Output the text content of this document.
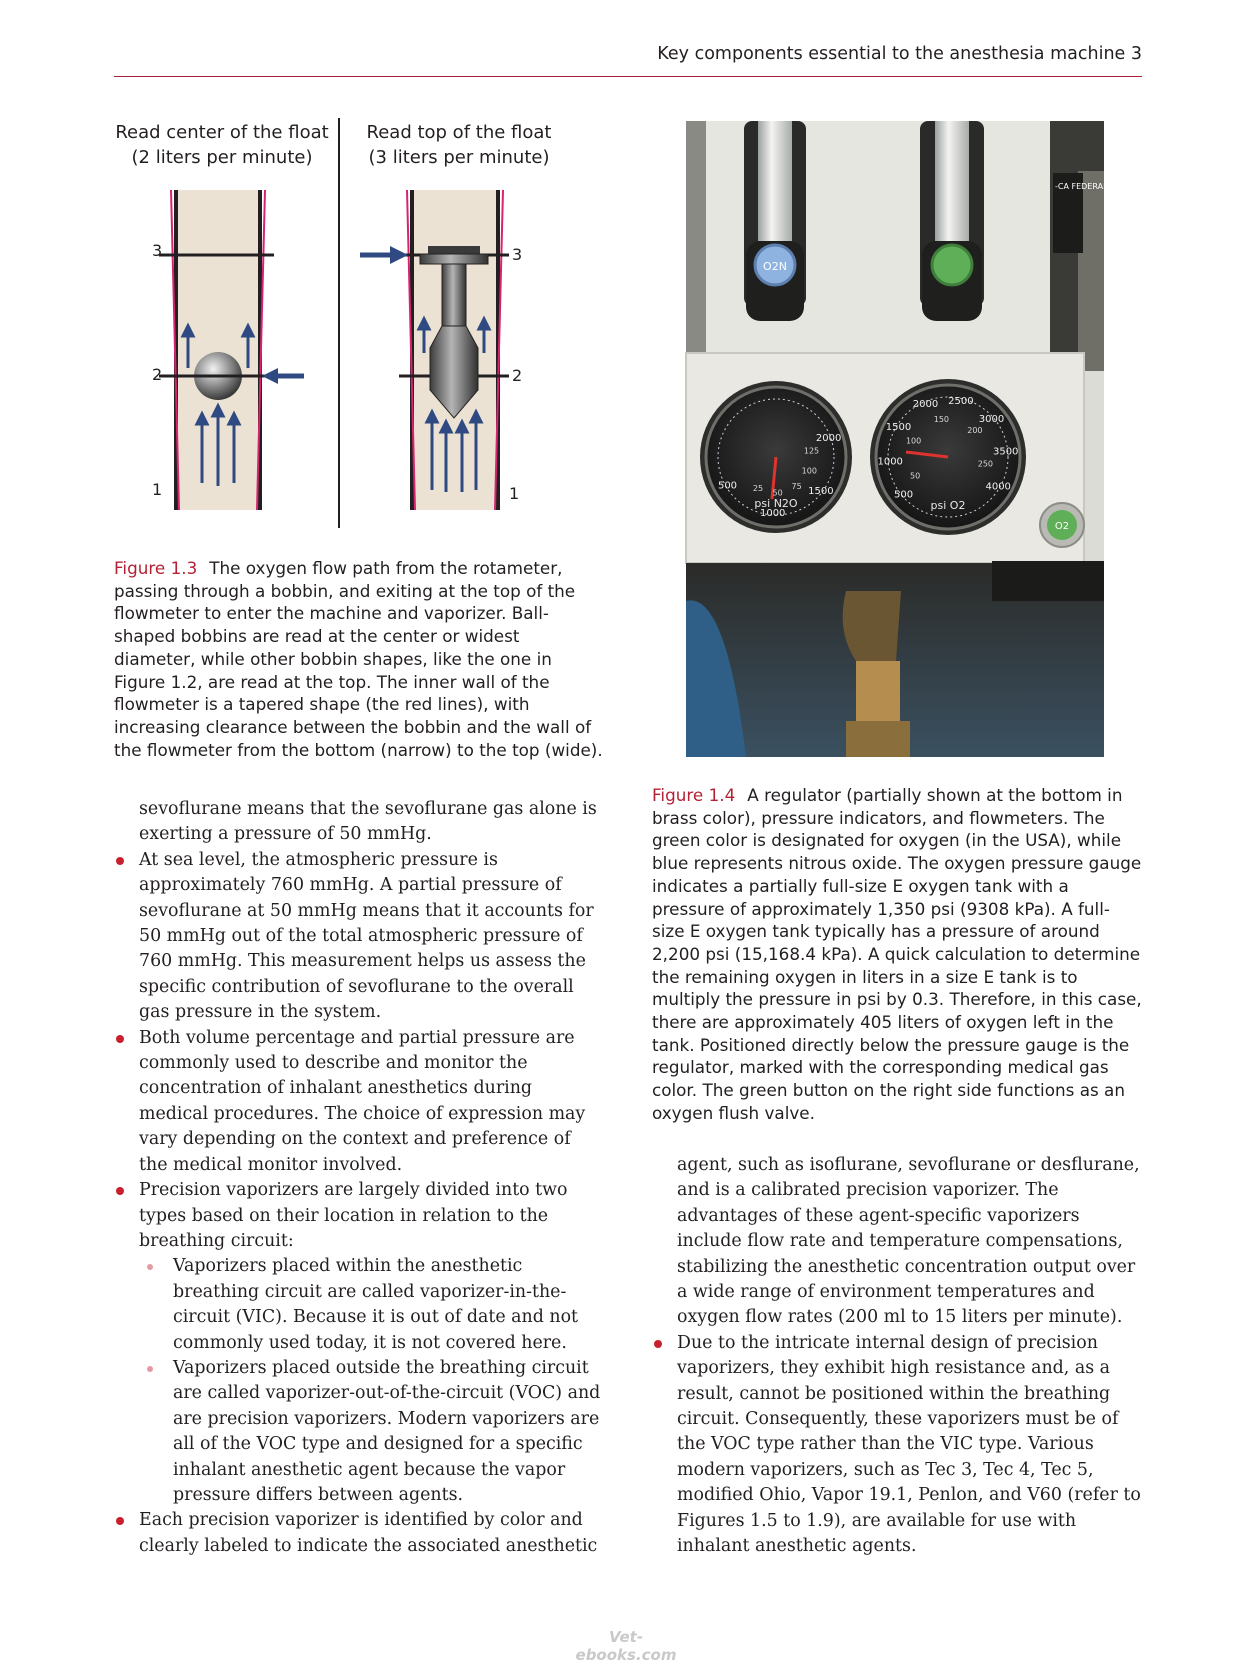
Key components essential to the anesthesia machine 3
Read center of the float
(2 liters per minute)
Read top of the float
(3 liters per minute)
3
2
1
3
2
1
Figure 1.3 The oxygen flow path from the rotameter, passing through a bobbin, and exiting at the top of the flowmeter to enter the machine and vaporizer. Ball-shaped bobbins are read at the center or widest diameter, while other bobbin shapes, like the one in Figure 1.2, are read at the top. The inner wall of the flowmeter is a tapered shape (the red lines), with increasing clearance between the bobbin and the wall of the flowmeter from the bottom (narrow) to the top (wide).
O2N
-CA FEDERAL THIS DEV OR ON TH PHYSICIA
500
1000
1500
2000
25
50
75
100
125
psi N2O
500
1000
1500
2000 2500
3000
3500
4000
50
100
150
200
250
psi O2
O2
Figure 1.4 A regulator (partially shown at the bottom in brass color), pressure indicators, and flowmeters. The green color is designated for oxygen (in the USA), while blue represents nitrous oxide. The oxygen pressure gauge indicates a partially full-size E oxygen tank with a pressure of approximately 1,350 psi (9308 kPa). A full-size E oxygen tank typically has a pressure of around 2,200 psi (15,168.4 kPa). A quick calculation to determine the remaining oxygen in liters in a size E tank is to multiply the pressure in psi by 0.3. Therefore, in this case, there are approximately 405 liters of oxygen left in the tank. Positioned directly below the pressure gauge is the regulator, marked with the corresponding medical gas color. The green button on the right side functions as an oxygen flush valve.

sevoflurane means that the sevoflurane gas alone is exerting a pressure of 50 mmHg.

At sea level, the atmospheric pressure is approximately 760 mmHg. A partial pressure of sevoflurane at 50 mmHg means that it accounts for 50 mmHg out of the total atmospheric pressure of 760 mmHg. This measurement helps us assess the specific contribution of sevoflurane to the overall gas pressure in the system.

Both volume percentage and partial pressure are commonly used to describe and monitor the concentration of inhalant anesthetics during medical procedures. The choice of expression may vary depending on the context and preference of the medical monitor involved.

Precision vaporizers are largely divided into two types based on their location in relation to the breathing circuit:

Vaporizers placed within the anesthetic breathing circuit are called vaporizer-in-the-circuit (VIC). Because it is out of date and not commonly used today, it is not covered here.

Vaporizers placed outside the breathing circuit are called vaporizer-out-of-the-circuit (VOC) and are precision vaporizers. Modern vaporizers are all of the VOC type and designed for a specific inhalant anesthetic agent because the vapor pressure differs between agents.

Each precision vaporizer is identified by color and clearly labeled to indicate the associated anesthetic

agent, such as isoflurane, sevoflurane or desflurane, and is a calibrated precision vaporizer. The advantages of these agent-specific vaporizers include flow rate and temperature compensations, stabilizing the anesthetic concentration output over a wide range of environment temperatures and oxygen flow rates (200 ml to 15 liters per minute).

Due to the intricate internal design of precision vaporizers, they exhibit high resistance and, as a result, cannot be positioned within the breathing circuit. Consequently, these vaporizers must be of the VOC type rather than the VIC type. Various modern vaporizers, such as Tec 3, Tec 4, Tec 5, modified Ohio, Vapor 19.1, Penlon, and V60 (refer to Figures 1.5 to 1.9), are available for use with inhalant anesthetic agents.

Vet-ebooks.com
